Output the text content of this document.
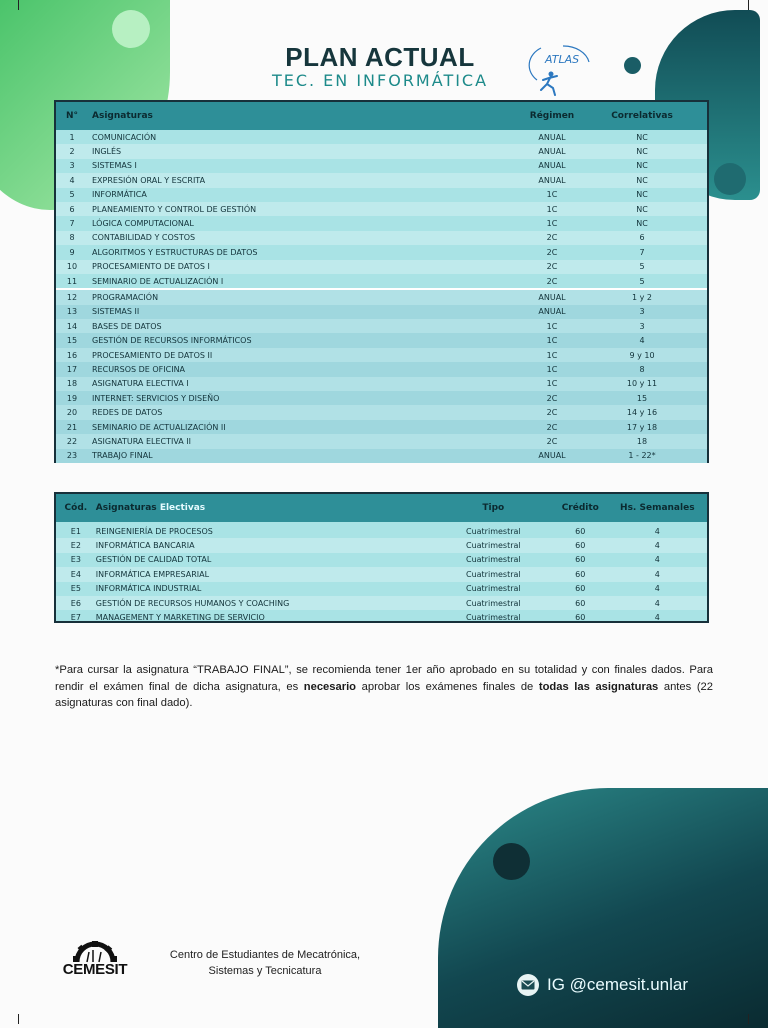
PLAN ACTUAL
TEC. EN INFORMÁTICA
ATLAS
N°	Asignaturas	Régimen	Correlativas
1	COMUNICACIÓN	ANUAL	NC
2	INGLÉS	ANUAL	NC
3	SISTEMAS I	ANUAL	NC
4	EXPRESIÓN ORAL Y ESCRITA	ANUAL	NC
5	INFORMÁTICA	1C	NC
6	PLANEAMIENTO Y CONTROL DE GESTIÓN	1C	NC
7	LÓGICA COMPUTACIONAL	1C	NC
8	CONTABILIDAD Y COSTOS	2C	6
9	ALGORITMOS Y ESTRUCTURAS DE DATOS	2C	7
10	PROCESAMIENTO DE DATOS I	2C	5
11	SEMINARIO DE ACTUALIZACIÓN I	2C	5
12	PROGRAMACIÓN	ANUAL	1 y 2
13	SISTEMAS II	ANUAL	3
14	BASES DE DATOS	1C	3
15	GESTIÓN DE RECURSOS INFORMÁTICOS	1C	4
16	PROCESAMIENTO DE DATOS II	1C	9 y 10
17	RECURSOS DE OFICINA	1C	8
18	ASIGNATURA ELECTIVA I	1C	10 y 11
19	INTERNET: SERVICIOS Y DISEÑO	2C	15
20	REDES DE DATOS	2C	14 y 16
21	SEMINARIO DE ACTUALIZACIÓN II	2C	17 y 18
22	ASIGNATURA ELECTIVA II	2C	18
23	TRABAJO FINAL	ANUAL	1 - 22*
Cód. Asignaturas Electivas	Tipo	Crédito	Hs. Semanales
E1	REINGENIERÍA DE PROCESOS	Cuatrimestral	60	4
E2	INFORMÁTICA BANCARIA	Cuatrimestral	60	4
E3	GESTIÓN DE CALIDAD TOTAL	Cuatrimestral	60	4
E4	INFORMÁTICA EMPRESARIAL	Cuatrimestral	60	4
E5	INFORMÁTICA INDUSTRIAL	Cuatrimestral	60	4
E6	GESTIÓN DE RECURSOS HUMANOS Y COACHING	Cuatrimestral	60	4
E7	MANAGEMENT Y MARKETING DE SERVICIO	Cuatrimestral	60	4
*Para cursar la asignatura “TRABAJO FINAL”, se recomienda tener 1er año aprobado en su totalidad y con finales dados. Para rendir el exámen final de dicha asignatura, es necesario aprobar los exámenes finales de todas las asignaturas antes (22 asignaturas con final dado).
CEMESIT
Centro de Estudiantes de Mecatrónica,
Sistemas y Tecnicatura
IG @cemesit.unlar
